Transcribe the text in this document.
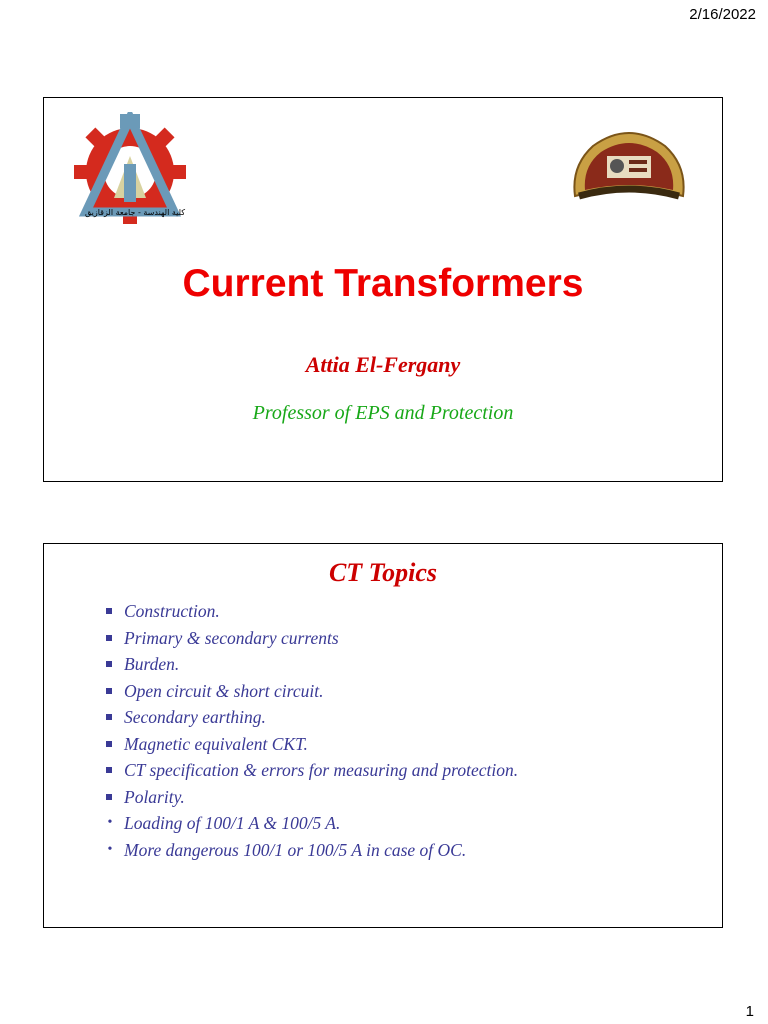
2/16/2022
كلية الهندسة - جامعة الزقازيق
Current Transformers
Attia El-Fergany
Professor of EPS and Protection
CT Topics
Construction.
Primary & secondary currents
Burden.
Open circuit & short circuit.
Secondary earthing.
Magnetic equivalent CKT.
CT specification & errors for measuring and protection.
Polarity.
• Loading of 100/1 A & 100/5 A.
• More dangerous 100/1 or 100/5 A in case of OC.
1
